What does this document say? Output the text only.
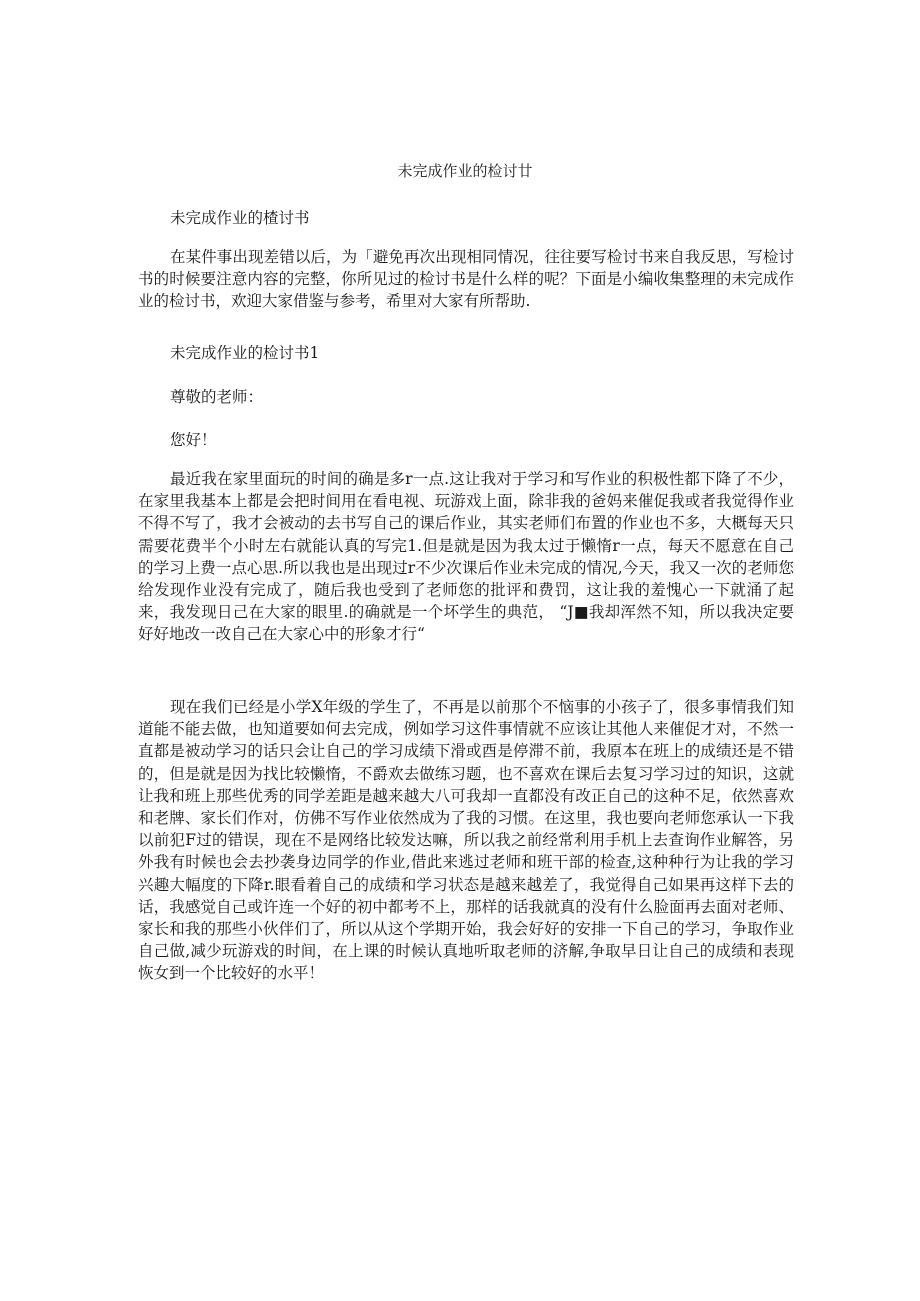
未完成作业的检讨廿

未完成作业的楂讨书

在某件事出现差错以后，为「避免再次出现相同情况，往往要写检讨书来自我反思，写检讨书的时候要注意内容的完整，你所见过的检讨书是什么样的呢？下面是小编收集整理的未完成作业的检讨书，欢迎大家借鉴与参考，希里对大家有所帮助.

未完成作业的检讨书1

尊敬的老师：

您好！

最近我在家里面玩的时间的确是多r一点.这让我对于学习和写作业的积极性都下降了不少，在家里我基本上都是会把时间用在看电视、玩游戏上面，除非我的爸妈来催促我或者我觉得作业不得不写了，我才会被动的去书写自己的课后作业，其实老师们布置的作业也不多，大概每天只需要花费半个小时左右就能认真的写完1.但是就是因为我太过于懒惰r一点，每天不愿意在自己的学习上费一点心思.所以我也是出现过r不少次课后作业未完成的情况,今天，我又一次的老师您给发现作业没有完成了，随后我也受到了老师您的批评和费罚，这让我的羞愧心一下就涌了起来，我发现日己在大家的眼里.的确就是一个坏学生的典范， “J■我却浑然不知，所以我决定要好好地改一改自己在大家心中的形象才行“

现在我们已经是小学X年级的学生了，不再是以前那个不恼事的小孩子了，很多事情我们知道能不能去做，也知道要如何去完成，例如学习这件事情就不应该让其他人来催促才对，不然一直都是被动学习的话只会让自己的学习成绩下滑或酉是停滞不前，我原本在班上的成绩还是不错的，但是就是因为找比较懒惰，不爵欢去做练习题，也不喜欢在课后去复习学习过的知识，这就让我和班上那些优秀的同学差距是越来越大八可我却一直都没有改正自己的这种不足，依然喜欢和老牌、家长们作对，仿佛不写作业依然成为了我的习惯。在这里，我也要向老师您承认一下我以前犯F过的错误，现在不是网络比较发达嘛，所以我之前经常利用手机上去查询作业解答，另外我有时候也会去抄袭身边同学的作业,借此来逃过老师和班干部的检查,这种种行为让我的学习兴趣大幅度的下降r.眼看着自己的成绩和学习状态是越来越差了，我觉得自己如果再这样下去的话，我感觉自己或许连一个好的初中都考不上，那样的话我就真的没有什么脸面再去面对老师、家长和我的那些小伙伴们了，所以从这个学期开始，我会好好的安排一下自己的学习，争取作业自己做,减少玩游戏的时间，在上课的时候认真地听取老师的济解,争取早日让自己的成绩和表现恢女到一个比较好的水平！
